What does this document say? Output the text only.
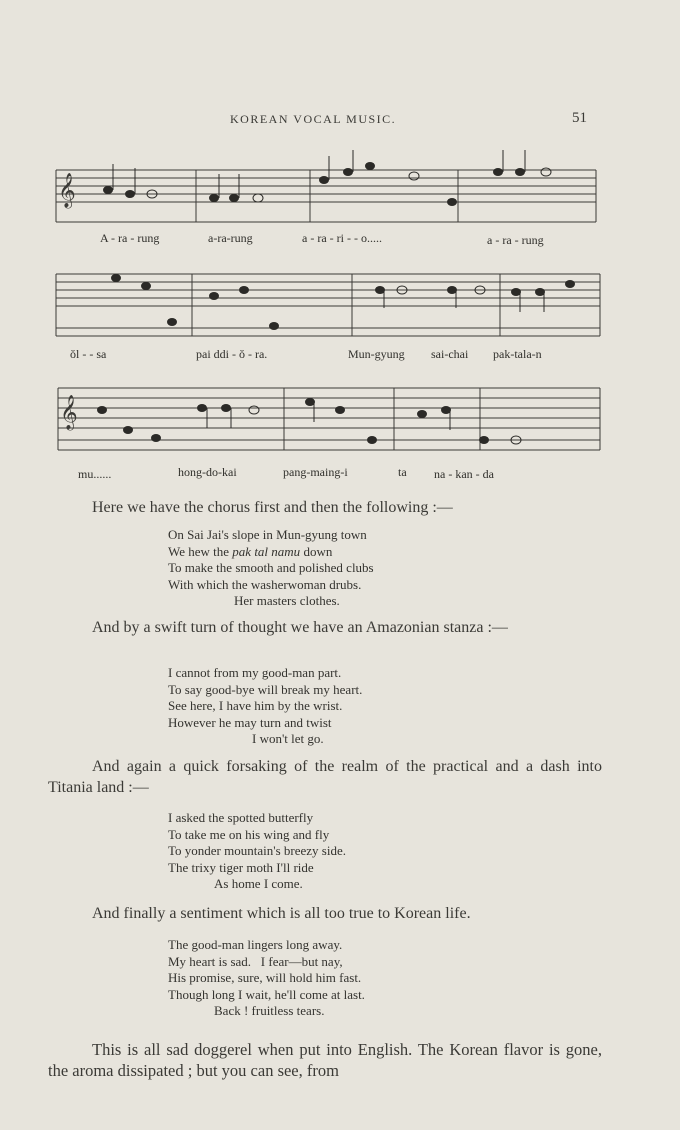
KOREAN VOCAL MUSIC.	51
𝄞
A - ra - rung	a-ra-rung	a - ra - ri - - o.....	a - ra - rung
ŏl - - sa	pai ddi - ŏ - ra.	Mun-gyung sai-chai pak-tala-n
𝄞
mu......	hong-do-kai	pang-maing-i	ta na - kan - da
Here we have the chorus first and then the following :—
On Sai Jai's slope in Mun-gyung town
We hew the pak tal namu down
To make the smooth and polished clubs
With which the washerwoman drubs.
Her masters clothes.
And by a swift turn of thought we have an Amazonian stanza :—
I cannot from my good-man part.
To say good-bye will break my heart.
See here, I have him by the wrist.
However he may turn and twist
I won't let go.
And again a quick forsaking of the realm of the practical and a dash into Titania land :—
I asked the spotted butterfly
To take me on his wing and fly
To yonder mountain's breezy side.
The trixy tiger moth I'll ride
As home I come.
And finally a sentiment which is all too true to Korean life.
The good-man lingers long away.
My heart is sad.   I fear—but nay,
His promise, sure, will hold him fast.
Though long I wait, he'll come at last.
Back ! fruitless tears.
This is all sad doggerel when put into English. The Korean flavor is gone, the aroma dissipated ; but you can see, from
